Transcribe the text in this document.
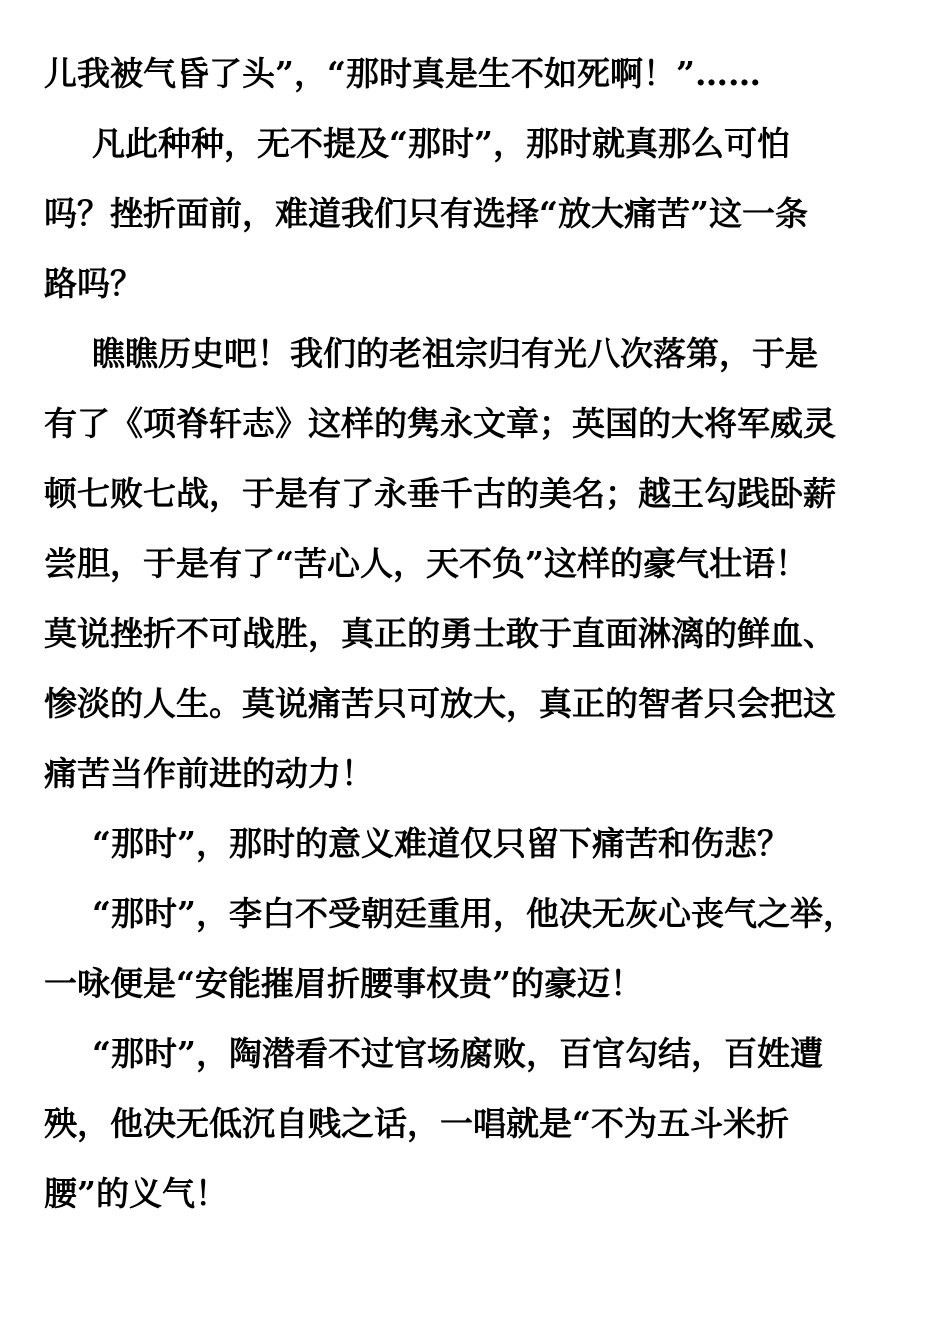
儿我被气昏了头”，“那时真是生不如死啊！”……

凡此种种，无不提及“那时”，那时就真那么可怕

吗？挫折面前，难道我们只有选择“放大痛苦”这一条

路吗？

瞧瞧历史吧！我们的老祖宗归有光八次落第，于是

有了《项脊轩志》这样的隽永文章；英国的大将军威灵

顿七败七战，于是有了永垂千古的美名；越王勾践卧薪

尝胆，于是有了“苦心人，天不负”这样的豪气壮语！

莫说挫折不可战胜，真正的勇士敢于直面淋漓的鲜血、

惨淡的人生。莫说痛苦只可放大，真正的智者只会把这

痛苦当作前进的动力！

“那时”，那时的意义难道仅只留下痛苦和伤悲？

“那时”，李白不受朝廷重用，他决无灰心丧气之举，

一咏便是“安能摧眉折腰事权贵”的豪迈！

“那时”，陶潜看不过官场腐败，百官勾结，百姓遭

殃，他决无低沉自贱之话，一唱就是“不为五斗米折

腰”的义气！
